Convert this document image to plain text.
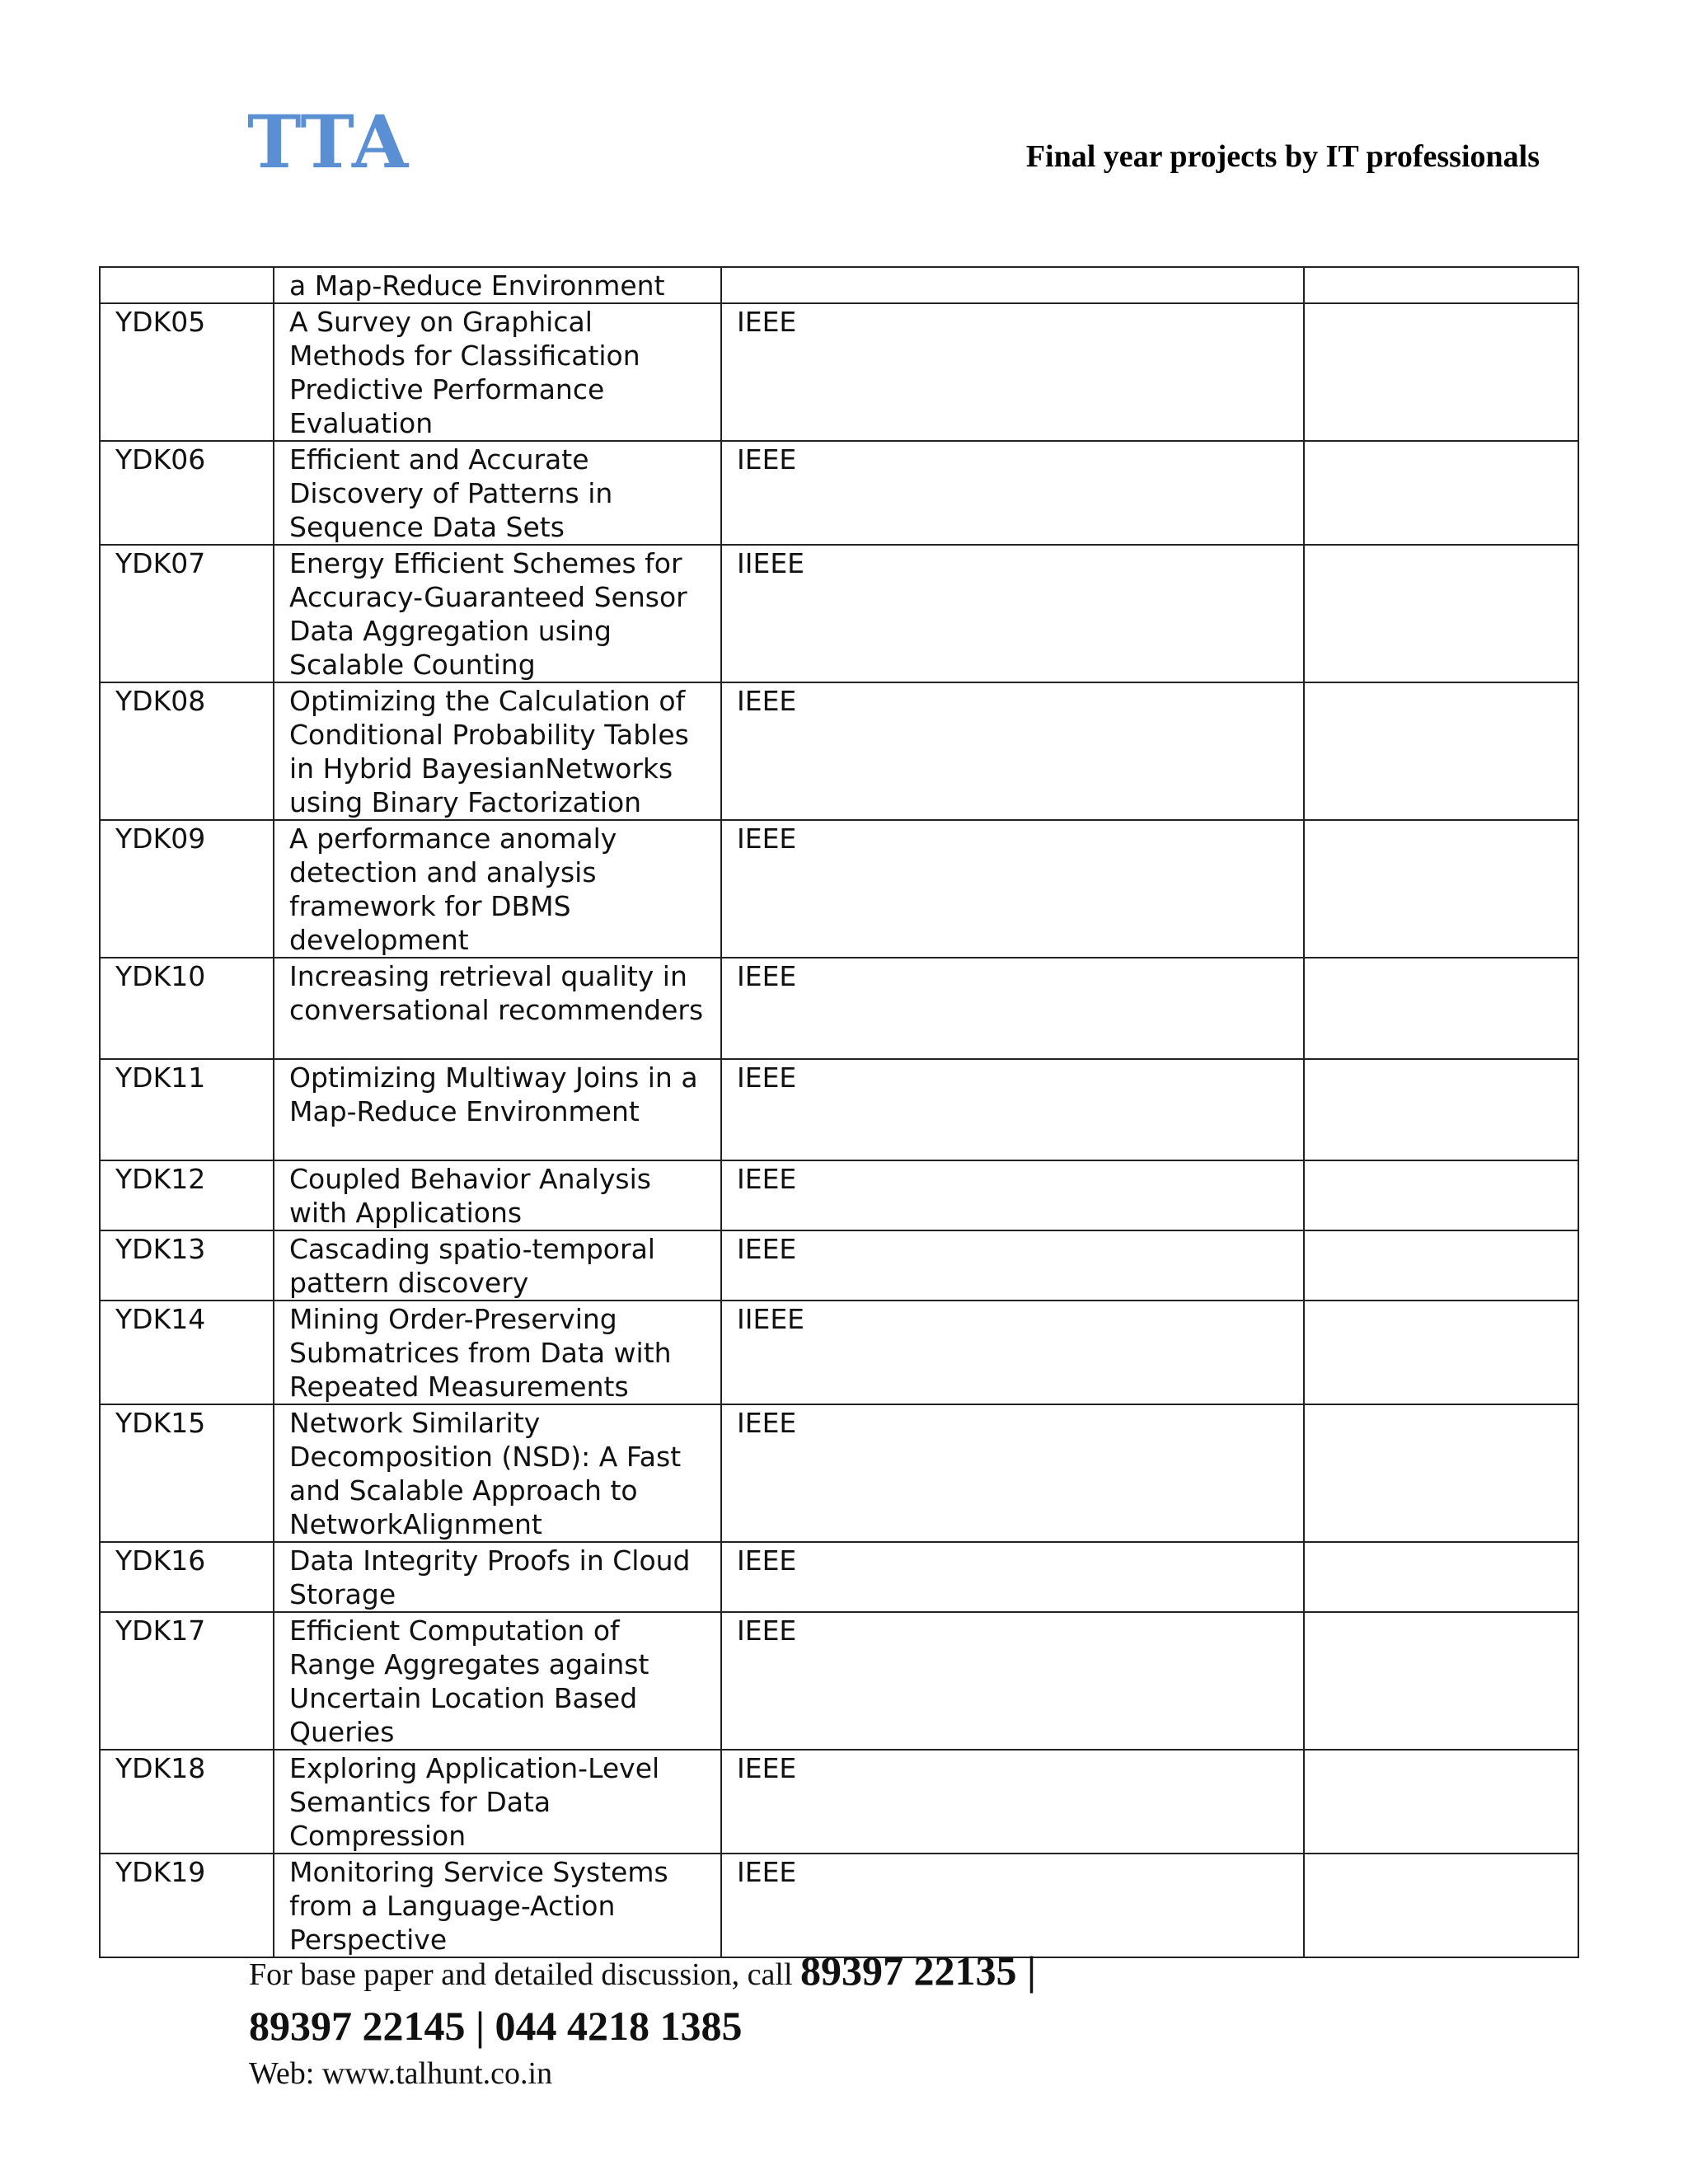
TTA	Final year projects by IT professionals
	a Map-Reduce Environment		
YDK05	A Survey on Graphical Methods for Classification Predictive Performance Evaluation	IEEE	
YDK06	Efficient and Accurate Discovery of Patterns in Sequence Data Sets	IEEE	
YDK07	Energy Efficient Schemes for Accuracy-Guaranteed Sensor Data Aggregation using Scalable Counting	IIEEE	
YDK08	Optimizing the Calculation of Conditional Probability Tables in Hybrid BayesianNetworks using Binary Factorization	IEEE	
YDK09	A performance anomaly detection and analysis framework for DBMS development	IEEE	
YDK10	Increasing retrieval quality in conversational recommenders	IEEE	
YDK11	Optimizing Multiway Joins in a Map-Reduce Environment	IEEE	
YDK12	Coupled Behavior Analysis with Applications	IEEE	
YDK13	Cascading spatio-temporal pattern discovery	IEEE	
YDK14	Mining Order-Preserving Submatrices from Data with Repeated Measurements	IIEEE	
YDK15	Network Similarity Decomposition (NSD): A Fast and Scalable Approach to NetworkAlignment	IEEE	
YDK16	Data Integrity Proofs in Cloud Storage	IEEE	
YDK17	Efficient Computation of Range Aggregates against Uncertain Location Based Queries	IEEE	
YDK18	Exploring Application-Level Semantics for Data Compression	IEEE	
YDK19	Monitoring Service Systems from a Language-Action Perspective	IEEE	
For base paper and detailed discussion, call 89397 22135 |
89397 22145 | 044 4218 1385
Web: www.talhunt.co.in
